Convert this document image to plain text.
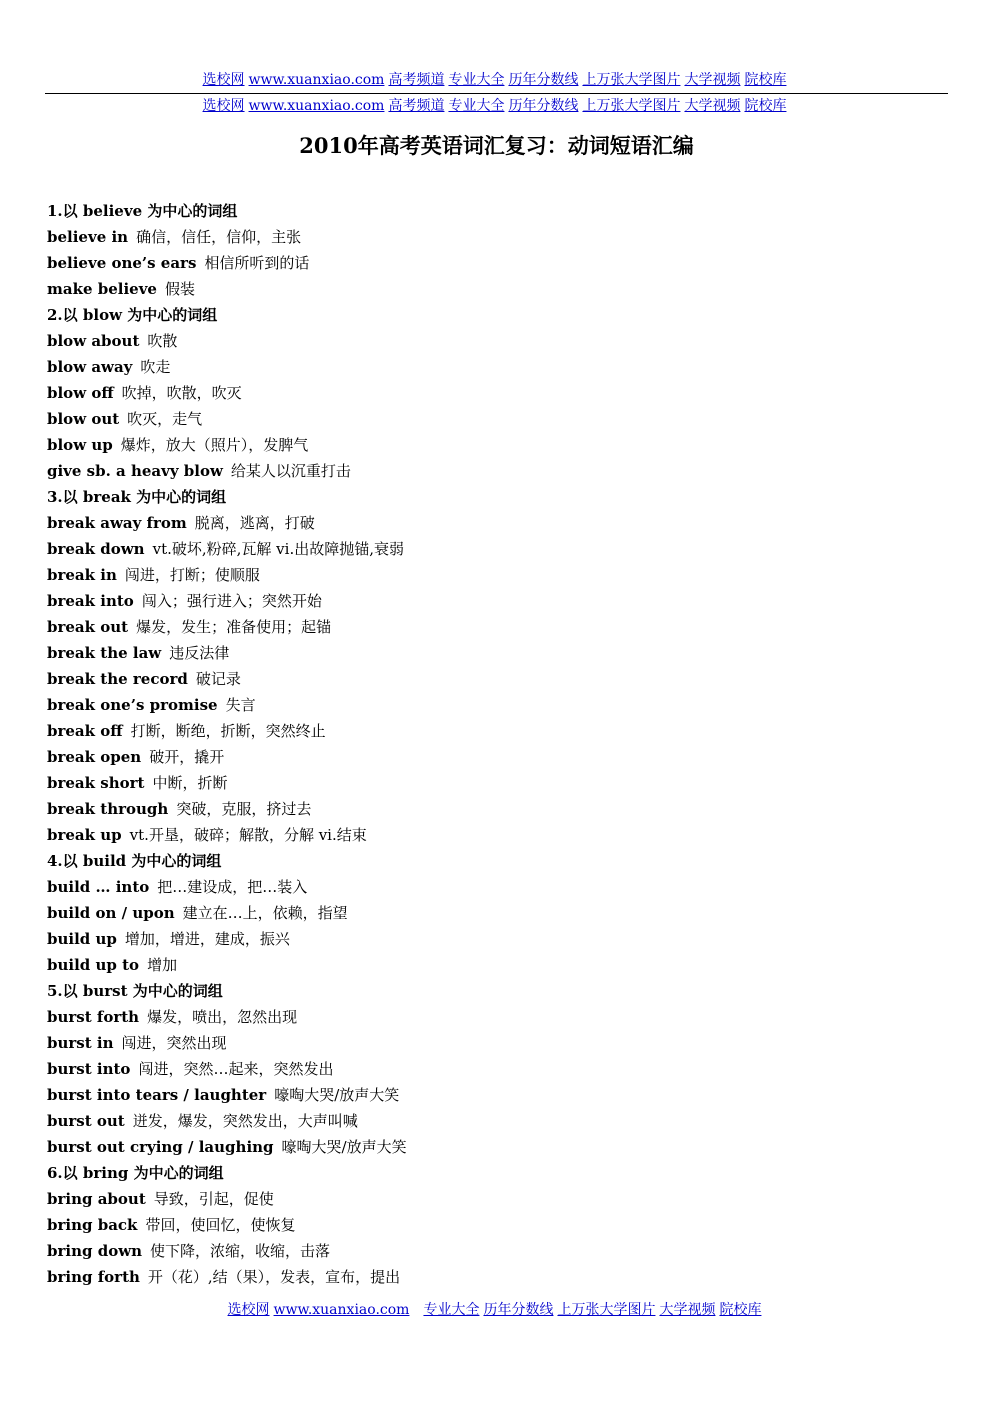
选校网 www.xuanxiao.com 高考频道 专业大全 历年分数线 上万张大学图片 大学视频 院校库
选校网 www.xuanxiao.com 高考频道 专业大全 历年分数线 上万张大学图片 大学视频 院校库
2010年高考英语词汇复习：动词短语汇编
1.以 believe 为中心的词组
believe in 确信，信任，信仰，主张
believe one’s ears 相信所听到的话
make believe 假装
2.以 blow 为中心的词组
blow about 吹散
blow away 吹走
blow off 吹掉，吹散，吹灭
blow out 吹灭，走气
blow up 爆炸，放大（照片），发脾气
give sb. a heavy blow 给某人以沉重打击
3.以 break 为中心的词组
break away from 脱离，逃离，打破
break down vt.破坏,粉碎,瓦解 vi.出故障抛锚,衰弱
break in 闯进，打断；使顺服
break into 闯入；强行进入；突然开始
break out 爆发，发生；准备使用；起锚
break the law 违反法律
break the record 破记录
break one’s promise 失言
break off 打断，断绝，折断，突然终止
break open 破开，撬开
break short 中断，折断
break through 突破，克服，挤过去
break up vt.开垦，破碎；解散，分解 vi.结束
4.以 build 为中心的词组
build … into 把…建设成，把…装入
build on / upon 建立在…上，依赖，指望
build up 增加，增进，建成，振兴
build up to 增加
5.以 burst 为中心的词组
burst forth 爆发，喷出，忽然出现
burst in 闯进，突然出现
burst into 闯进，突然…起来，突然发出
burst into tears / laughter 嚎啕大哭/放声大笑
burst out 迸发，爆发，突然发出，大声叫喊
burst out crying / laughing 嚎啕大哭/放声大笑
6.以 bring 为中心的词组
bring about 导致，引起，促使
bring back 带回，使回忆，使恢复
bring down 使下降，浓缩，收缩，击落
bring forth 开（花）,结（果），发表，宣布，提出
选校网 www.xuanxiao.com 专业大全 历年分数线 上万张大学图片 大学视频 院校库
